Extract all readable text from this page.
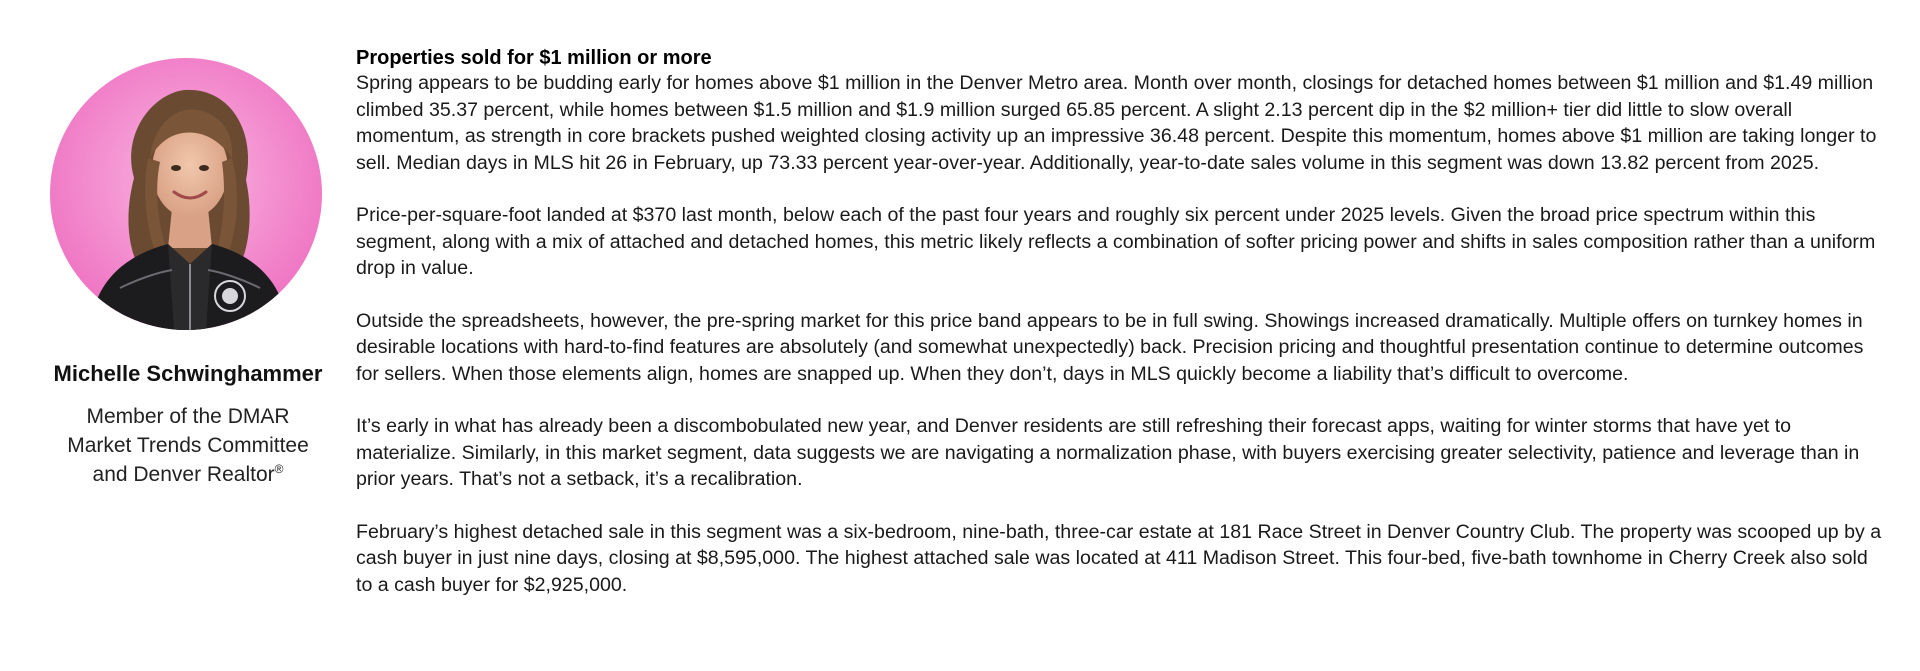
Michelle Schwinghammer
Member of the DMAR
Market Trends Committee
and Denver Realtor®
Properties sold for $1 million or more

Spring appears to be budding early for homes above $1 million in the Denver Metro area. Month over month, closings for detached homes between $1 million and $1.49 million climbed 35.37 percent, while homes between $1.5 million and $1.9 million surged 65.85 percent. A slight 2.13 percent dip in the $2 million+ tier did little to slow overall momentum, as strength in core brackets pushed weighted closing activity up an impressive 36.48 percent. Despite this momentum, homes above $1 million are taking longer to sell. Median days in MLS hit 26 in February, up 73.33 percent year-over-year. Additionally, year-to-date sales volume in this segment was down 13.82 percent from 2025.

Price-per-square-foot landed at $370 last month, below each of the past four years and roughly six percent under 2025 levels. Given the broad price spectrum within this segment, along with a mix of attached and detached homes, this metric likely reflects a combination of softer pricing power and shifts in sales composition rather than a uniform drop in value.

Outside the spreadsheets, however, the pre-spring market for this price band appears to be in full swing. Showings increased dramatically. Multiple offers on turnkey homes in desirable locations with hard-to-find features are absolutely (and somewhat unexpectedly) back. Precision pricing and thoughtful presentation continue to determine outcomes for sellers. When those elements align, homes are snapped up. When they don’t, days in MLS quickly become a liability that’s difficult to overcome.

It’s early in what has already been a discombobulated new year, and Denver residents are still refreshing their forecast apps, waiting for winter storms that have yet to materialize. Similarly, in this market segment, data suggests we are navigating a normalization phase, with buyers exercising greater selectivity, patience and leverage than in prior years. That’s not a setback, it’s a recalibration.

February’s highest detached sale in this segment was a six-bedroom, nine-bath, three-car estate at 181 Race Street in Denver Country Club. The property was scooped up by a cash buyer in just nine days, closing at $8,595,000. The highest attached sale was located at 411 Madison Street. This four-bed, five-bath townhome in Cherry Creek also sold to a cash buyer for $2,925,000.
